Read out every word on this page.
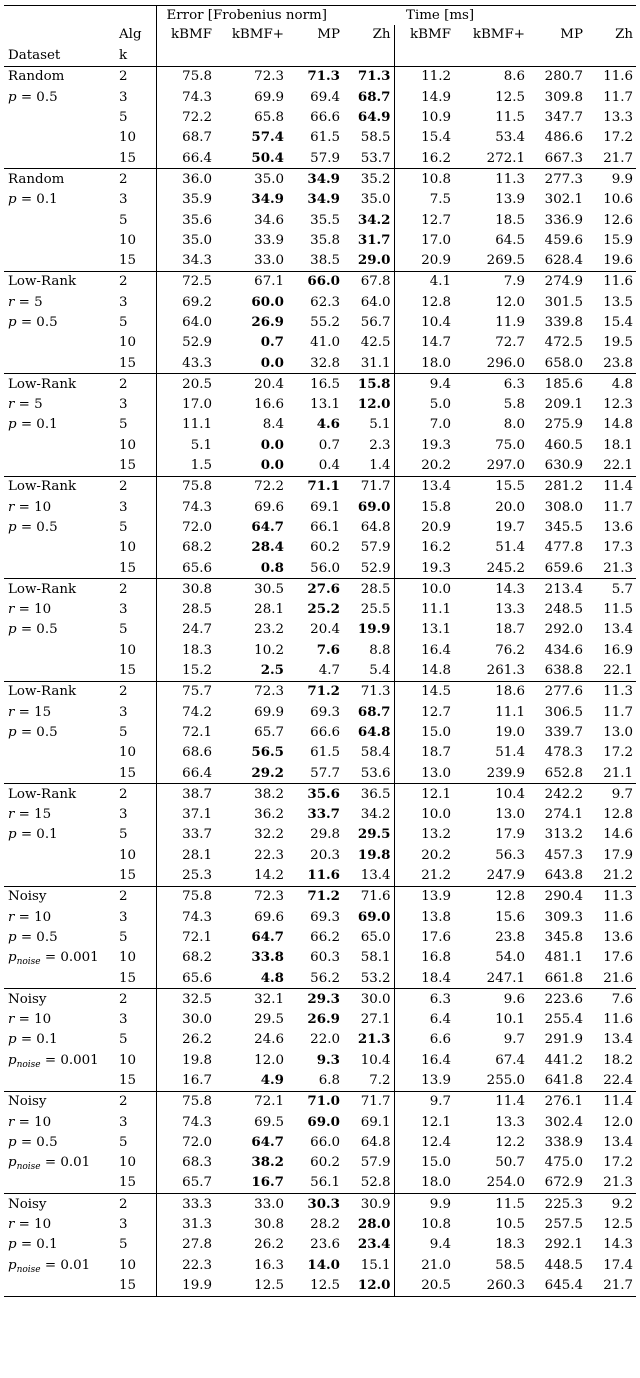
		Error [Frobenius norm]				Time [ms]			
	Alg	kBMF	kBMF+	MP	Zh	kBMF	kBMF+	MP	Zh
Dataset	k								
Random	2	75.8	72.3	71.3	71.3	11.2	8.6	280.7	11.6
p = 0.5	3	74.3	69.9	69.4	68.7	14.9	12.5	309.8	11.7
	5	72.2	65.8	66.6	64.9	10.9	11.5	347.7	13.3
	10	68.7	57.4	61.5	58.5	15.4	53.4	486.6	17.2
	15	66.4	50.4	57.9	53.7	16.2	272.1	667.3	21.7
Random	2	36.0	35.0	34.9	35.2	10.8	11.3	277.3	9.9
p = 0.1	3	35.9	34.9	34.9	35.0	7.5	13.9	302.1	10.6
	5	35.6	34.6	35.5	34.2	12.7	18.5	336.9	12.6
	10	35.0	33.9	35.8	31.7	17.0	64.5	459.6	15.9
	15	34.3	33.0	38.5	29.0	20.9	269.5	628.4	19.6
Low-Rank	2	72.5	67.1	66.0	67.8	4.1	7.9	274.9	11.6
r = 5	3	69.2	60.0	62.3	64.0	12.8	12.0	301.5	13.5
p = 0.5	5	64.0	26.9	55.2	56.7	10.4	11.9	339.8	15.4
	10	52.9	0.7	41.0	42.5	14.7	72.7	472.5	19.5
	15	43.3	0.0	32.8	31.1	18.0	296.0	658.0	23.8
Low-Rank	2	20.5	20.4	16.5	15.8	9.4	6.3	185.6	4.8
r = 5	3	17.0	16.6	13.1	12.0	5.0	5.8	209.1	12.3
p = 0.1	5	11.1	8.4	4.6	5.1	7.0	8.0	275.9	14.8
	10	5.1	0.0	0.7	2.3	19.3	75.0	460.5	18.1
	15	1.5	0.0	0.4	1.4	20.2	297.0	630.9	22.1
Low-Rank	2	75.8	72.2	71.1	71.7	13.4	15.5	281.2	11.4
r = 10	3	74.3	69.6	69.1	69.0	15.8	20.0	308.0	11.7
p = 0.5	5	72.0	64.7	66.1	64.8	20.9	19.7	345.5	13.6
	10	68.2	28.4	60.2	57.9	16.2	51.4	477.8	17.3
	15	65.6	0.8	56.0	52.9	19.3	245.2	659.6	21.3
Low-Rank	2	30.8	30.5	27.6	28.5	10.0	14.3	213.4	5.7
r = 10	3	28.5	28.1	25.2	25.5	11.1	13.3	248.5	11.5
p = 0.5	5	24.7	23.2	20.4	19.9	13.1	18.7	292.0	13.4
	10	18.3	10.2	7.6	8.8	16.4	76.2	434.6	16.9
	15	15.2	2.5	4.7	5.4	14.8	261.3	638.8	22.1
Low-Rank	2	75.7	72.3	71.2	71.3	14.5	18.6	277.6	11.3
r = 15	3	74.2	69.9	69.3	68.7	12.7	11.1	306.5	11.7
p = 0.5	5	72.1	65.7	66.6	64.8	15.0	19.0	339.7	13.0
	10	68.6	56.5	61.5	58.4	18.7	51.4	478.3	17.2
	15	66.4	29.2	57.7	53.6	13.0	239.9	652.8	21.1
Low-Rank	2	38.7	38.2	35.6	36.5	12.1	10.4	242.2	9.7
r = 15	3	37.1	36.2	33.7	34.2	10.0	13.0	274.1	12.8
p = 0.1	5	33.7	32.2	29.8	29.5	13.2	17.9	313.2	14.6
	10	28.1	22.3	20.3	19.8	20.2	56.3	457.3	17.9
	15	25.3	14.2	11.6	13.4	21.2	247.9	643.8	21.2
Noisy	2	75.8	72.3	71.2	71.6	13.9	12.8	290.4	11.3
r = 10	3	74.3	69.6	69.3	69.0	13.8	15.6	309.3	11.6
p = 0.5	5	72.1	64.7	66.2	65.0	17.6	23.8	345.8	13.6
$p_{noise} = 0.001$	10	68.2	33.8	60.3	58.1	16.8	54.0	481.1	17.6
	15	65.6	4.8	56.2	53.2	18.4	247.1	661.8	21.6
Noisy	2	32.5	32.1	29.3	30.0	6.3	9.6	223.6	7.6
r = 10	3	30.0	29.5	26.9	27.1	6.4	10.1	255.4	11.6
p = 0.1	5	26.2	24.6	22.0	21.3	6.6	9.7	291.9	13.4
$p_{noise} = 0.001$	10	19.8	12.0	9.3	10.4	16.4	67.4	441.2	18.2
	15	16.7	4.9	6.8	7.2	13.9	255.0	641.8	22.4
Noisy	2	75.8	72.1	71.0	71.7	9.7	11.4	276.1	11.4
r = 10	3	74.3	69.5	69.0	69.1	12.1	13.3	302.4	12.0
p = 0.5	5	72.0	64.7	66.0	64.8	12.4	12.2	338.9	13.4
$p_{noise} = 0.01$	10	68.3	38.2	60.2	57.9	15.0	50.7	475.0	17.2
	15	65.7	16.7	56.1	52.8	18.0	254.0	672.9	21.3
Noisy	2	33.3	33.0	30.3	30.9	9.9	11.5	225.3	9.2
r = 10	3	31.3	30.8	28.2	28.0	10.8	10.5	257.5	12.5
p = 0.1	5	27.8	26.2	23.6	23.4	9.4	18.3	292.1	14.3
$p_{noise} = 0.01$	10	22.3	16.3	14.0	15.1	21.0	58.5	448.5	17.4
	15	19.9	12.5	12.5	12.0	20.5	260.3	645.4	21.7
